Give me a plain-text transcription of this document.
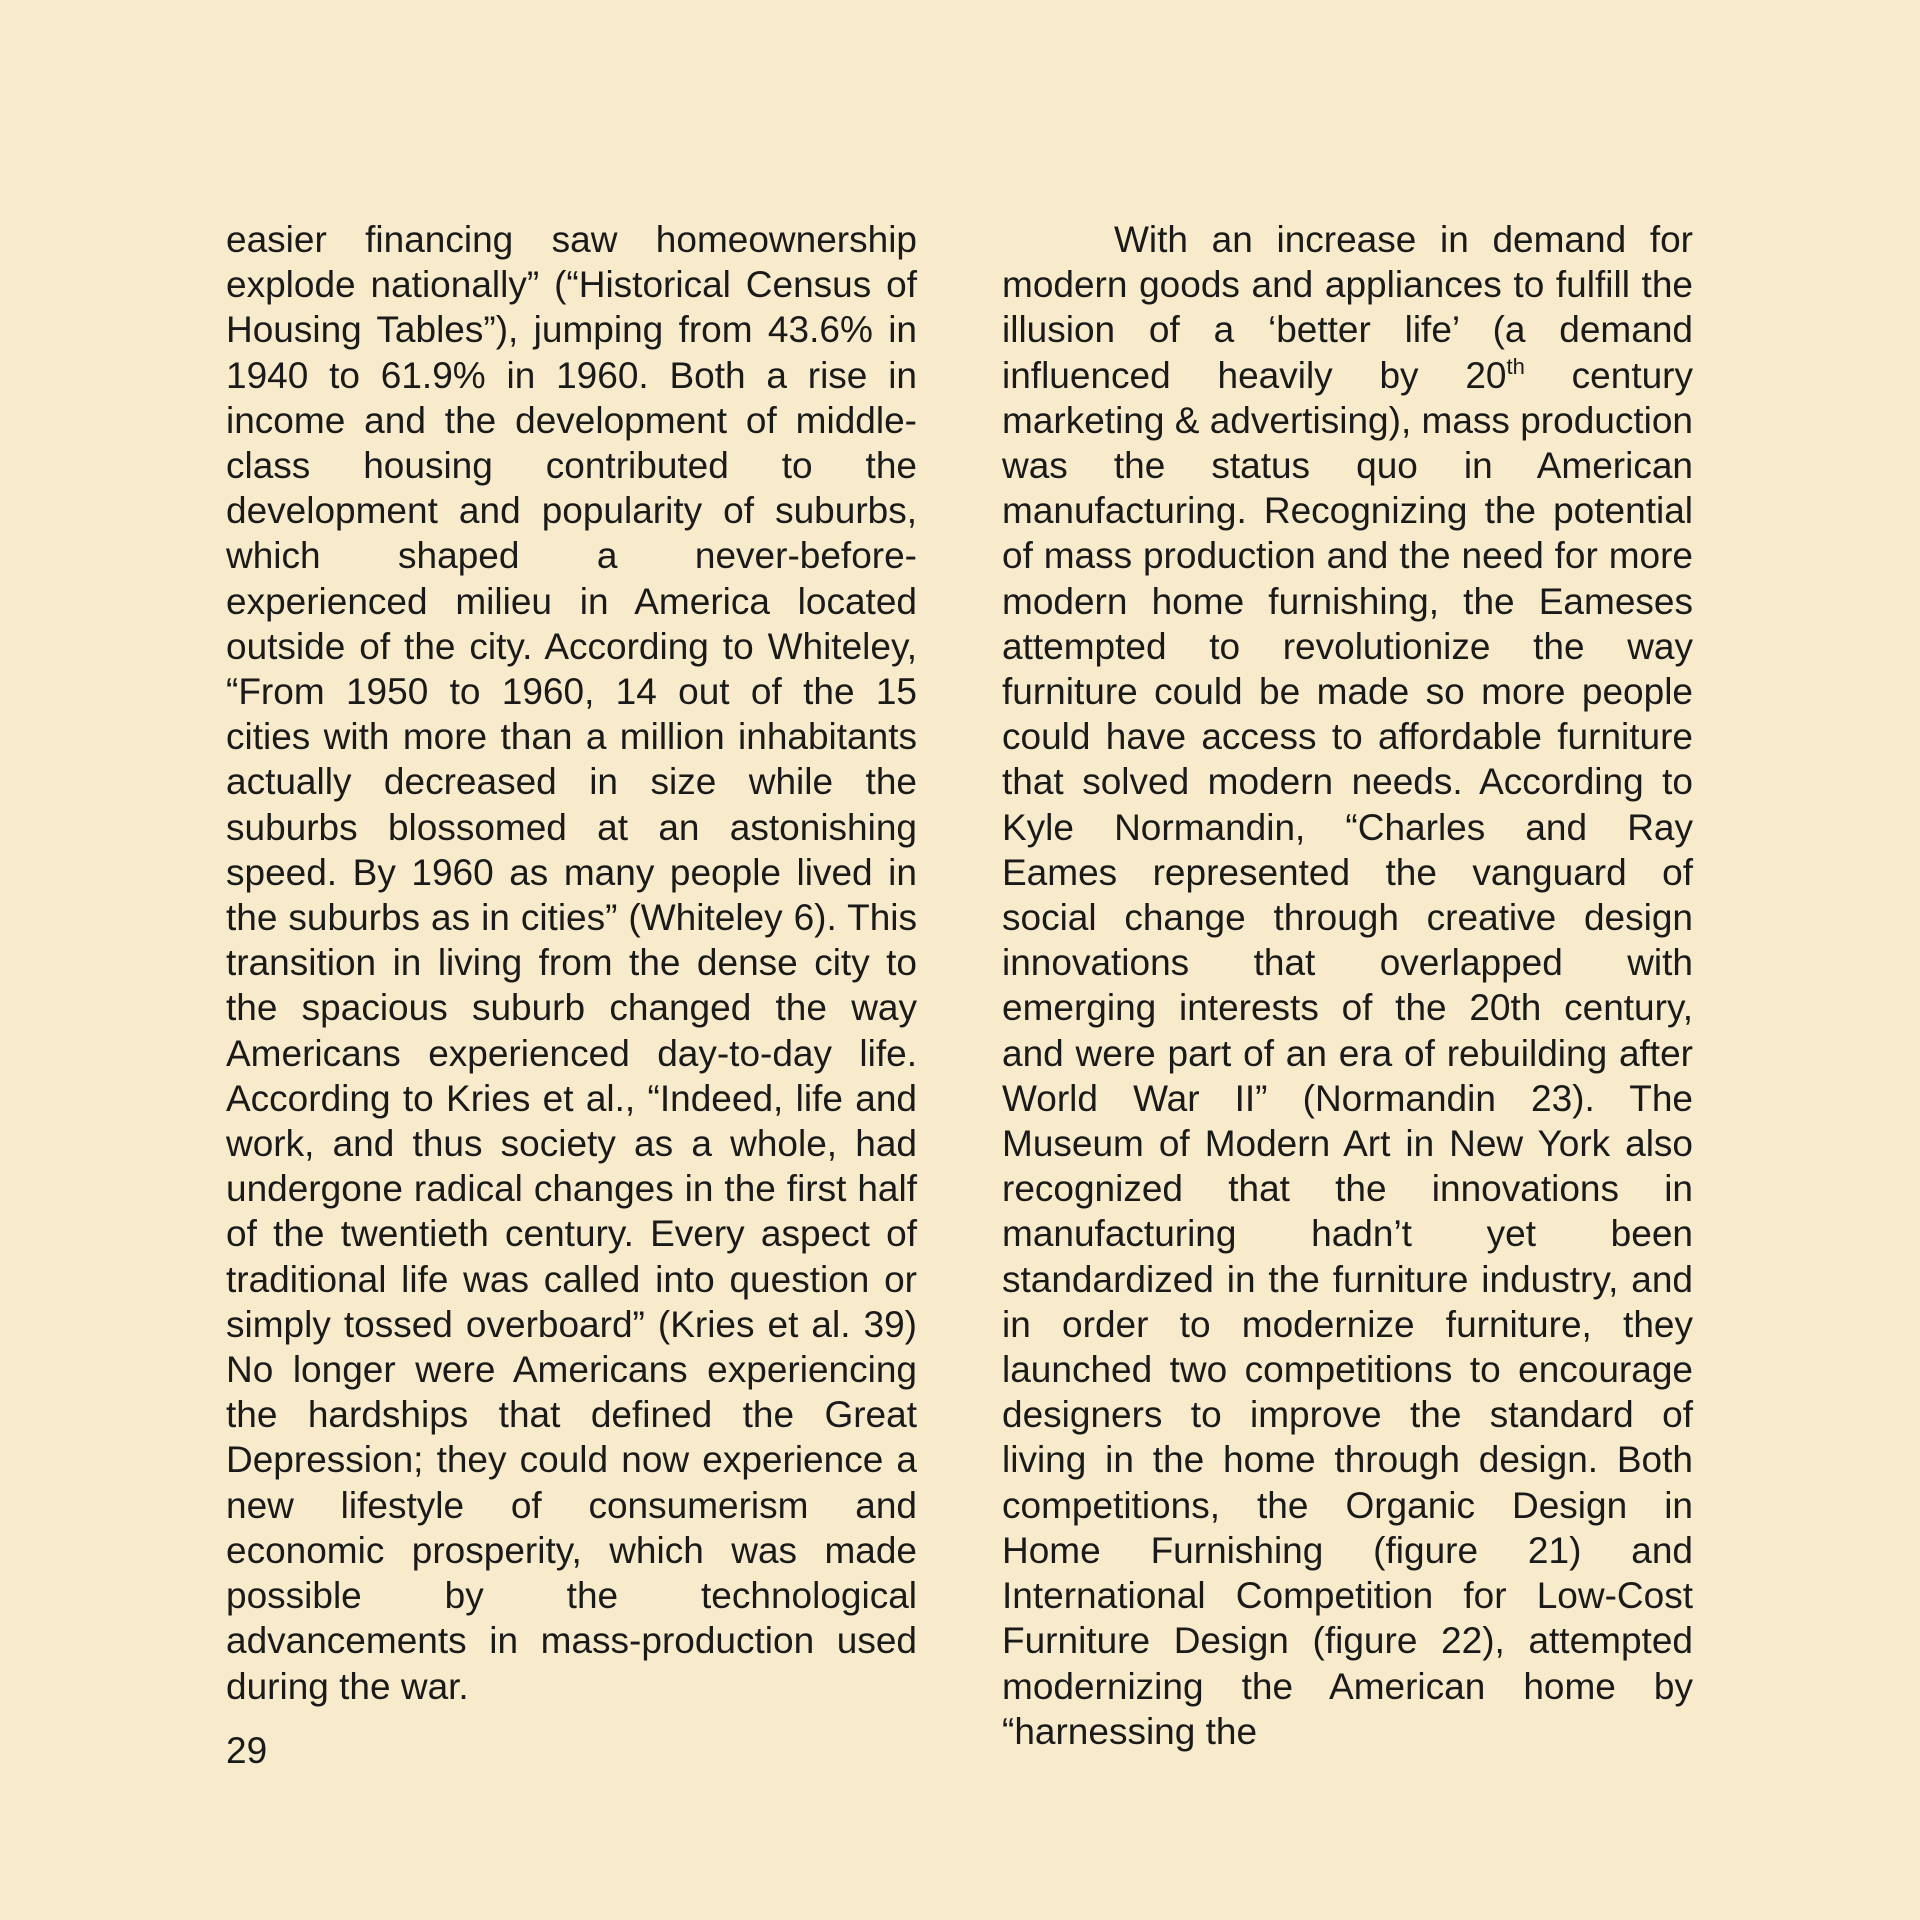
easier financing saw homeownership explode nationally” (“Historical Census of Housing Tables”), jumping from 43.6% in 1940 to 61.9% in 1960. Both a rise in income and the development of middle-class housing contributed to the development and popularity of suburbs, which shaped a never-before-experienced milieu in America located outside of the city. According to Whiteley, “From 1950 to 1960, 14 out of the 15 cities with more than a million inhabitants actually decreased in size while the suburbs blossomed at an astonishing speed. By 1960 as many people lived in the suburbs as in cities” (Whiteley 6). This transition in living from the dense city to the spacious suburb changed the way Americans experienced day-to-day life. According to Kries et al., “Indeed, life and work, and thus society as a whole, had undergone radical changes in the first half of the twentieth century. Every aspect of traditional life was called into question or simply tossed overboard” (Kries et al. 39) No longer were Americans experiencing the hardships that defined the Great Depression; they could now experience a new lifestyle of consumerism and economic prosperity, which was made possible by the technological advancements in mass-production used during the war.

With an increase in demand for modern goods and appliances to fulfill the illusion of a ‘better life’ (a demand influenced heavily by 20th century marketing & advertising), mass production was the status quo in American manufacturing. Recognizing the potential of mass production and the need for more modern home furnishing, the Eameses attempted to revolutionize the way furniture could be made so more people could have access to affordable furniture that solved modern needs. According to Kyle Normandin, “Charles and Ray Eames represented the vanguard of social change through creative design innovations that overlapped with emerging interests of the 20th century, and were part of an era of rebuilding after World War II” (Normandin 23). The Museum of Modern Art in New York also recognized that the innovations in manufacturing hadn’t yet been standardized in the furniture industry, and in order to modernize furniture, they launched two competitions to encourage designers to improve the standard of living in the home through design. Both competitions, the Organic Design in Home Furnishing (figure 21) and International Competition for Low-Cost Furniture Design (figure 22), attempted modernizing the American home by “harnessing the

29
